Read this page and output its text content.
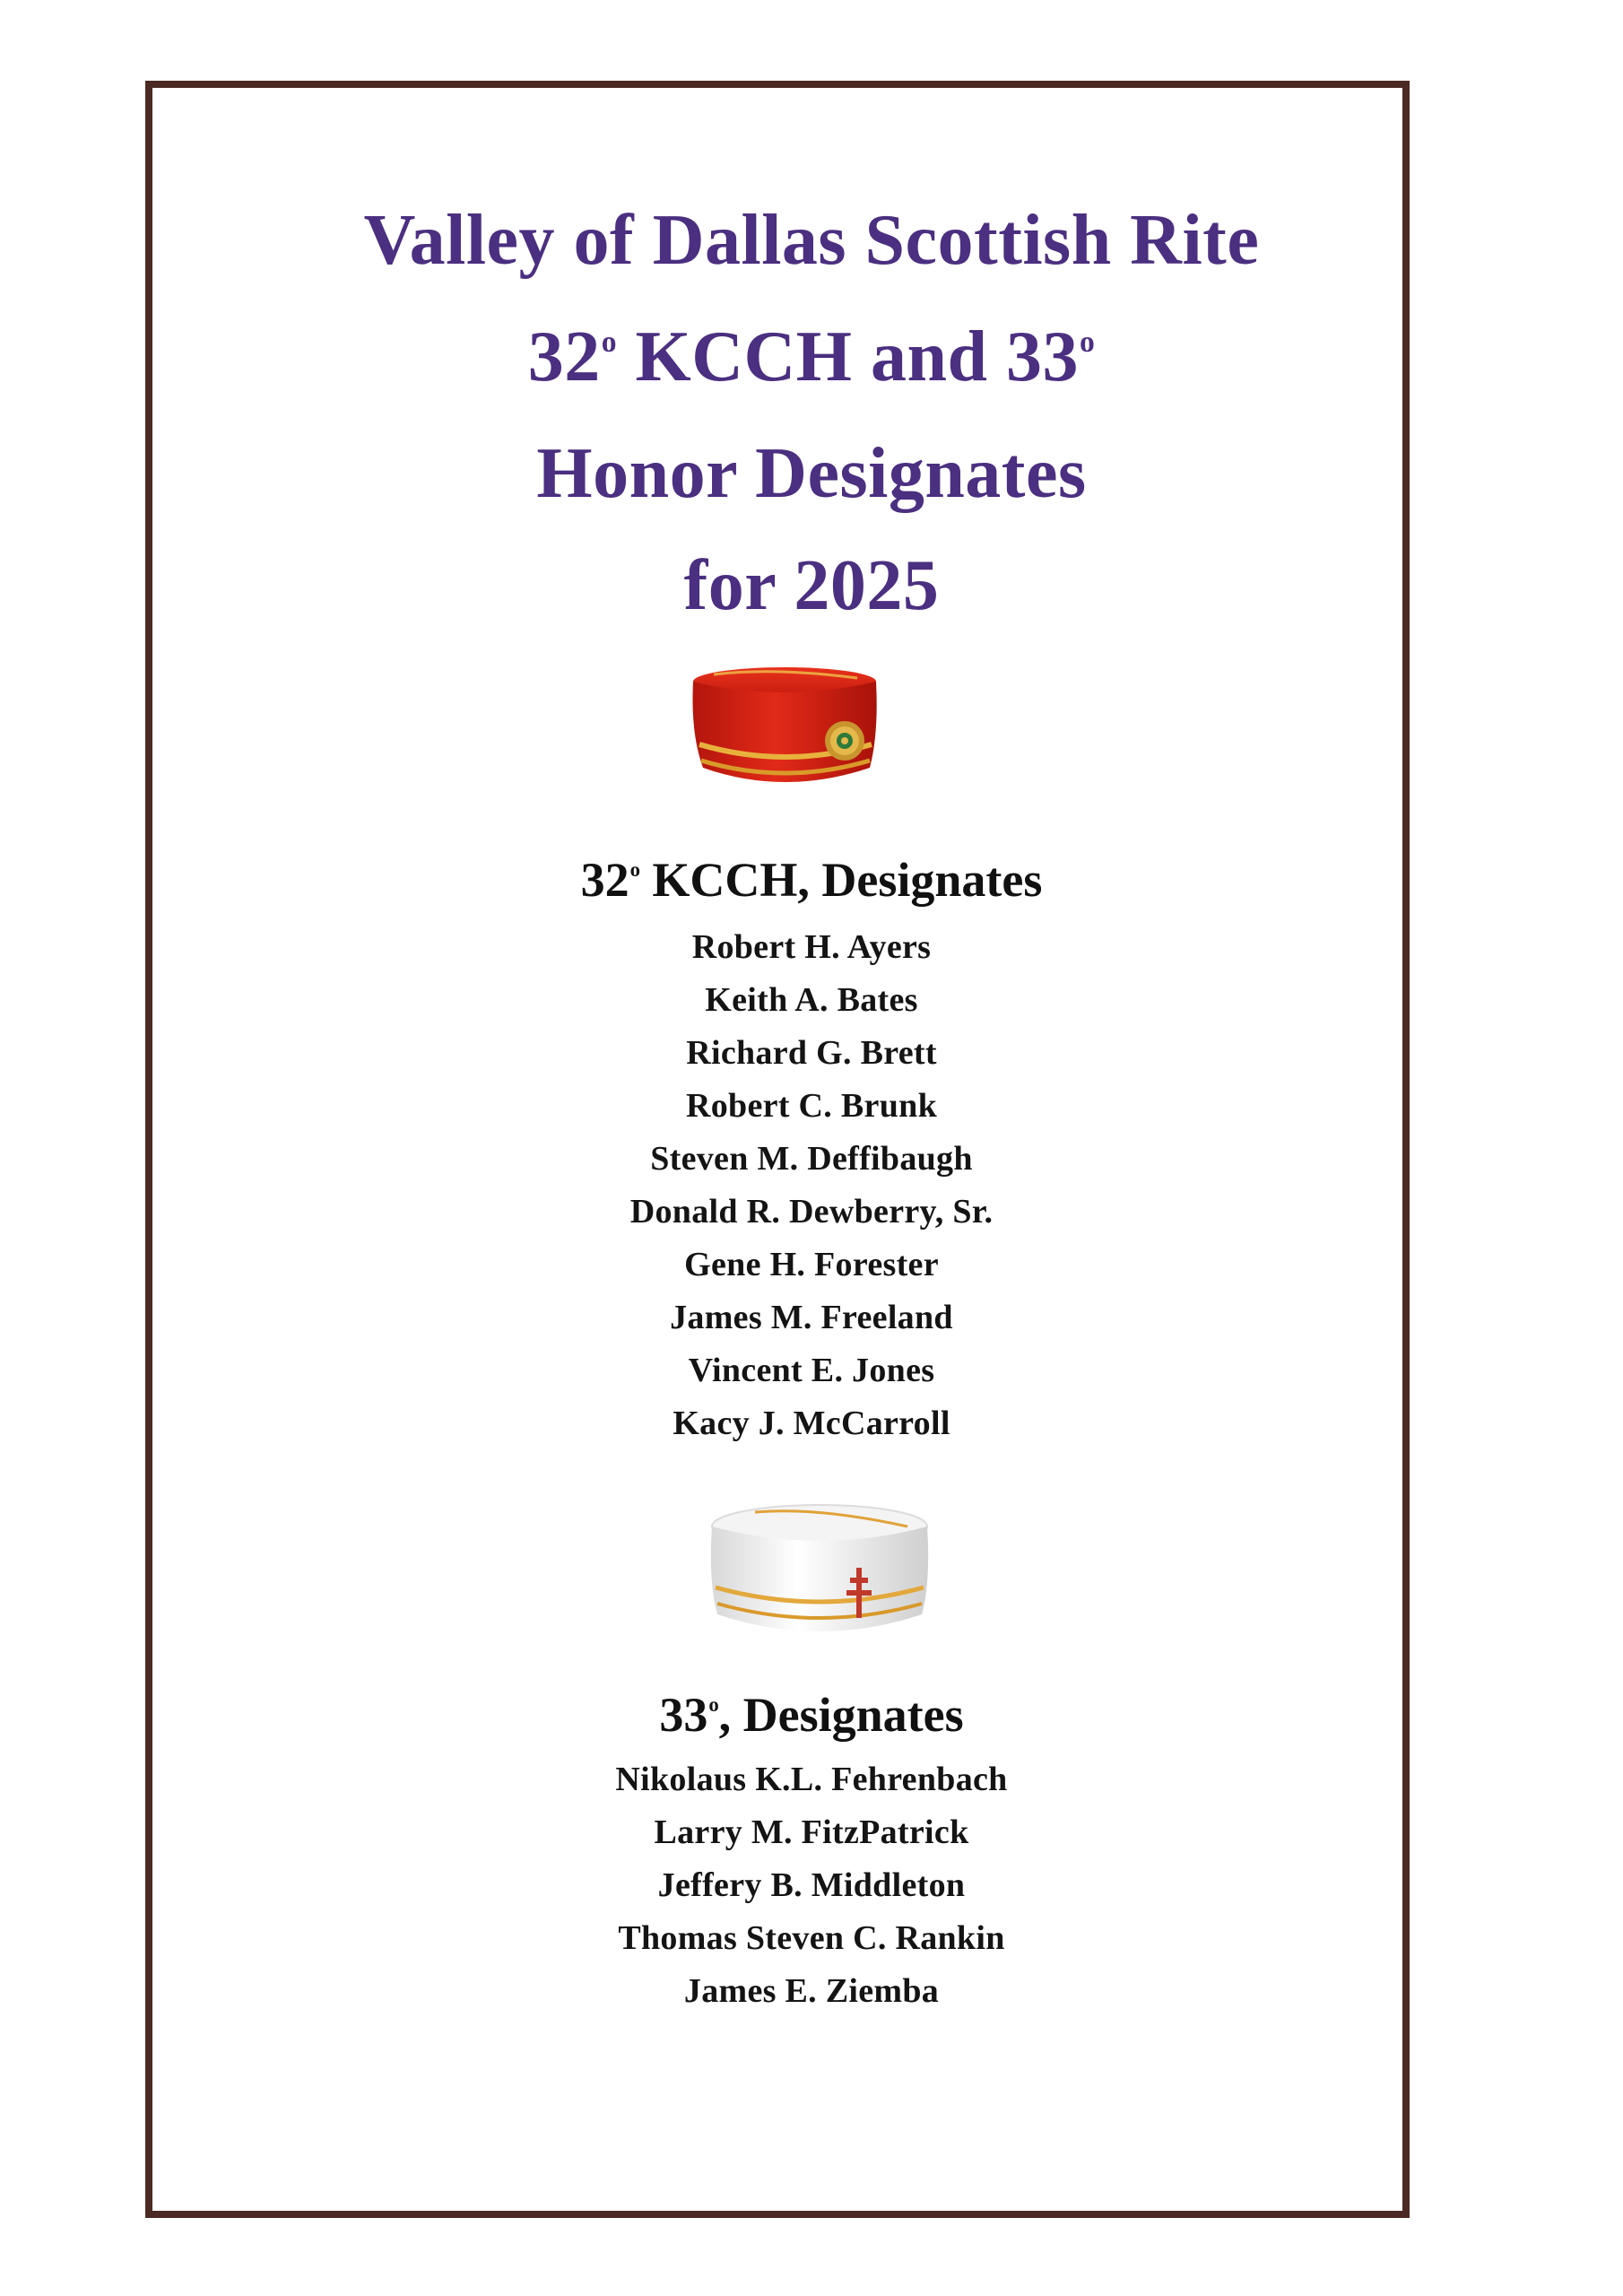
Valley of Dallas Scottish Rite
32$^o$ KCCH and 33$^o$
Honor Designates
for 2025
32$^o$ KCCH, Designates
Robert H. Ayers
Keith A. Bates
Richard G. Brett
Robert C. Brunk
Steven M. Deffibaugh
Donald R. Dewberry, Sr.
Gene H. Forester
James M. Freeland
Vincent E. Jones
Kacy J. McCarroll
33$^o$, Designates
Nikolaus K.L. Fehrenbach
Larry M. FitzPatrick
Jeffery B. Middleton
Thomas Steven C. Rankin
James E. Ziemba
